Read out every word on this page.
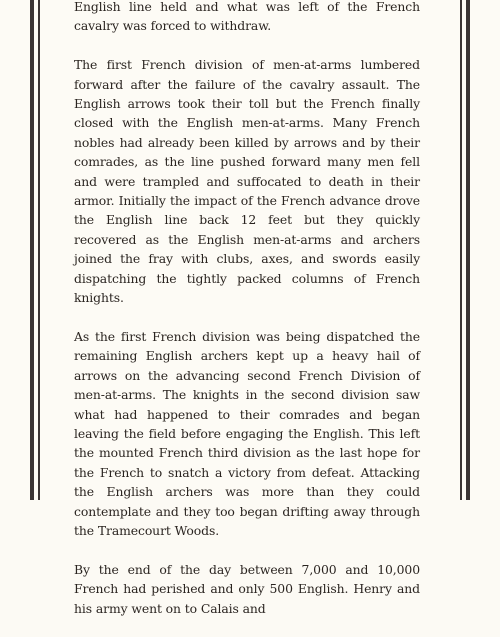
English line held and what was left of the French cavalry was forced to withdraw.

The first French division of men-at-arms lumbered forward after the failure of the cavalry assault. The English arrows took their toll but the French finally closed with the English men-at-arms. Many French nobles had already been killed by arrows and by their comrades, as the line pushed forward many men fell and were trampled and suffocated to death in their armor. Initially the impact of the French advance drove the English line back 12 feet but they quickly recovered as the English men-at-arms and archers joined the fray with clubs, axes, and swords easily dispatching the tightly packed columns of French knights.

As the first French division was being dispatched the remaining English archers kept up a heavy hail of arrows on the advancing second French Division of men-at-arms. The knights in the second division saw what had happened to their comrades and began leaving the field before engaging the English. This left the mounted French third division as the last hope for the French to snatch a victory from defeat. Attacking the English archers was more than they could contemplate and they too began drifting away through the Tramecourt Woods.

By the end of the day between 7,000 and 10,000 French had perished and only 500 English. Henry and his army went on to Calais and
